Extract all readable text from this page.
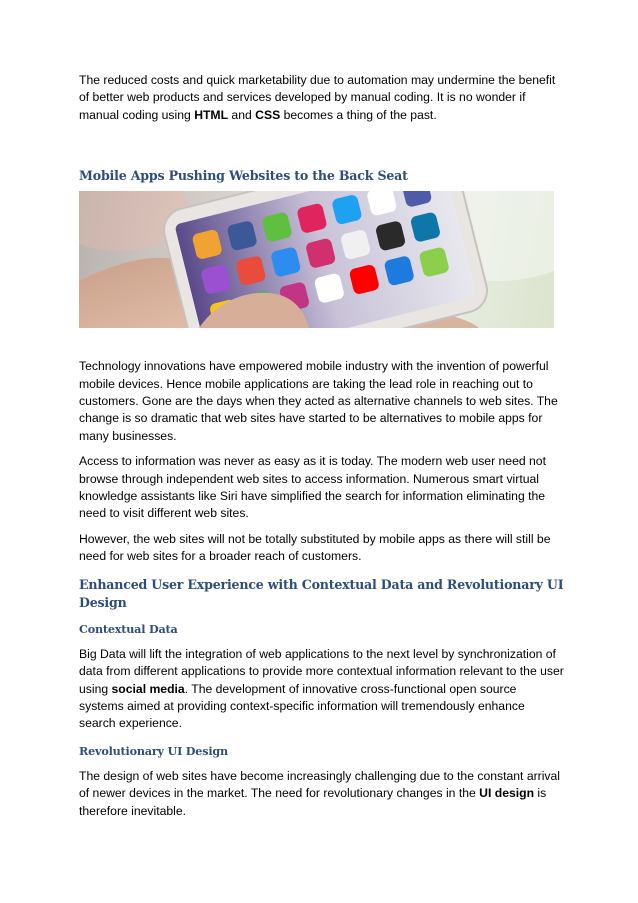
The reduced costs and quick marketability due to automation may undermine the benefit of better web products and services developed by manual coding. It is no wonder if manual coding using HTML and CSS becomes a thing of the past.

Mobile Apps Pushing Websites to the Back Seat

Technology innovations have empowered mobile industry with the invention of powerful mobile devices. Hence mobile applications are taking the lead role in reaching out to customers. Gone are the days when they acted as alternative channels to web sites. The change is so dramatic that web sites have started to be alternatives to mobile apps for many businesses.

Access to information was never as easy as it is today. The modern web user need not browse through independent web sites to access information. Numerous smart virtual knowledge assistants like Siri have simplified the search for information eliminating the need to visit different web sites.

However, the web sites will not be totally substituted by mobile apps as there will still be need for web sites for a broader reach of customers.

Enhanced User Experience with Contextual Data and Revolutionary UI Design
Contextual Data

Big Data will lift the integration of web applications to the next level by synchronization of data from different applications to provide more contextual information relevant to the user using social media. The development of innovative cross-functional open source systems aimed at providing context-specific information will tremendously enhance search experience.

Revolutionary UI Design

The design of web sites have become increasingly challenging due to the constant arrival of newer devices in the market. The need for revolutionary changes in the UI design is therefore inevitable.
